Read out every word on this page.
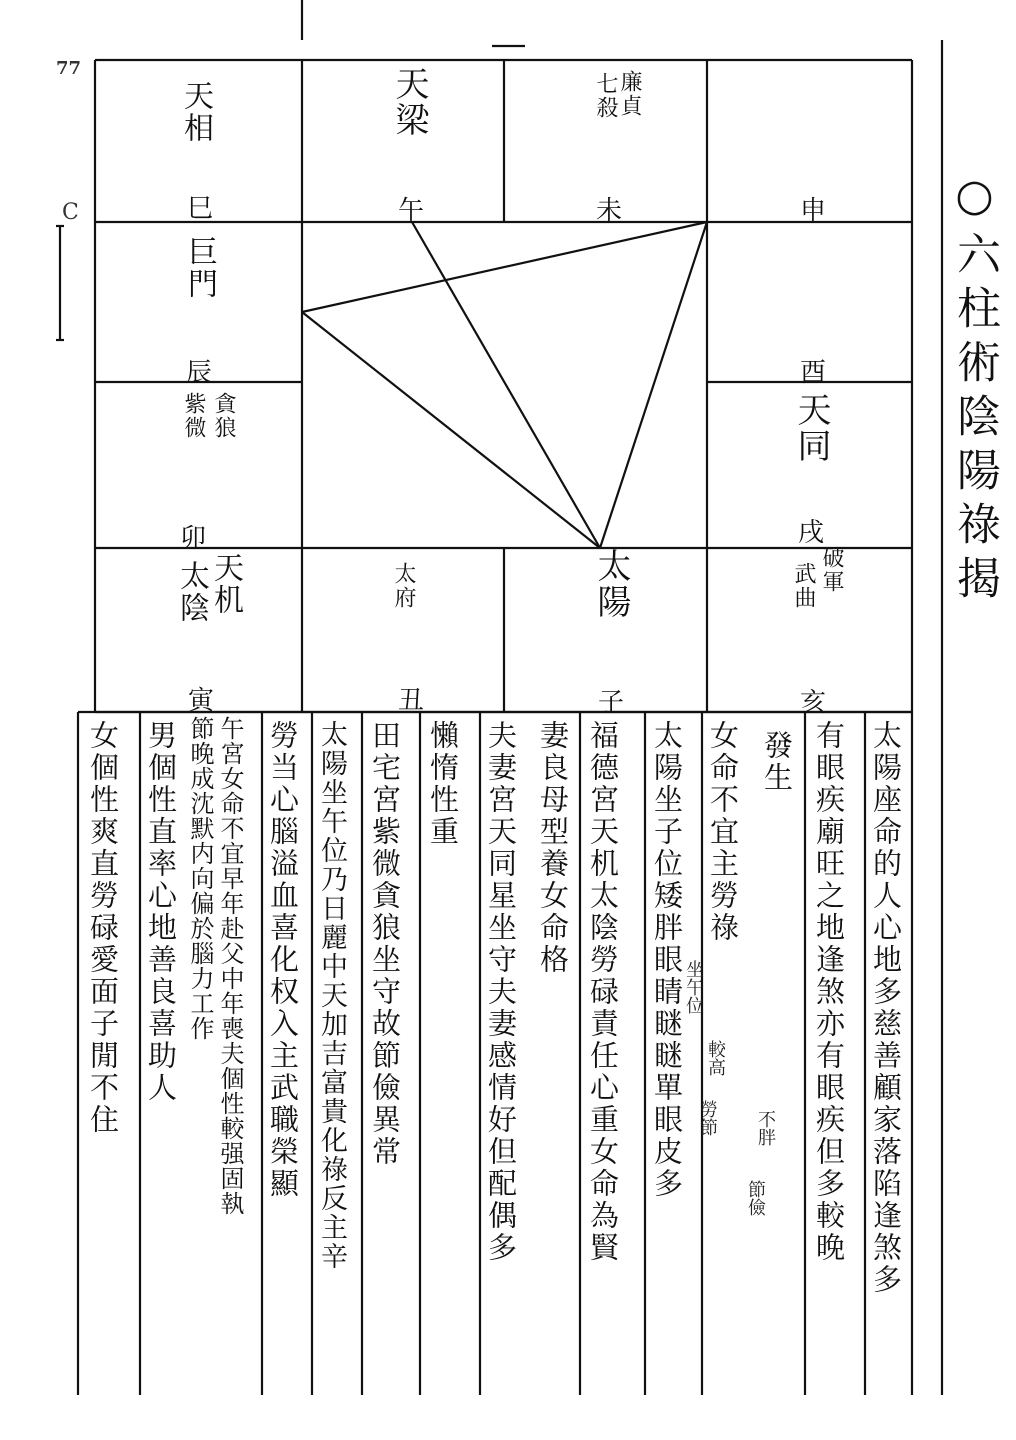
77
C	○六柱術陰陽祿揭
天相
巳
天梁
午
七殺 廉貞
未	申
巨門
辰	酉
天同
貪狼
紫微
卯	戌
武曲 破軍
太陰 天机
寅
太府
丑
太陽
子	亥
太陽座命的人心地多慈善顧家落陷逢煞多
有眼疾廟旺之地逢煞亦有眼疾但多較晚
發生
女命不宜主勞祿
太陽坐子位矮胖眼睛瞇瞇單眼皮多
福德宮天机太陰勞碌責任心重女命為賢
妻良母型養女命格
夫妻宮天同星坐守夫妻感情好但配偶多
懶惰性重
田宅宮紫微貪狼坐守故節儉異常
太陽坐午位乃日麗中天加吉富貴化祿反主辛
勞当心腦溢血喜化权入主武職榮顯
午宮女命不宜早年赴父中年喪夫個性較强固執
節晚成沈默内向偏於腦力工作
男個性直率心地善良喜助人
女個性爽直勞碌愛面子閒不住	坐午位
較高
不胖
勞節
節儉
